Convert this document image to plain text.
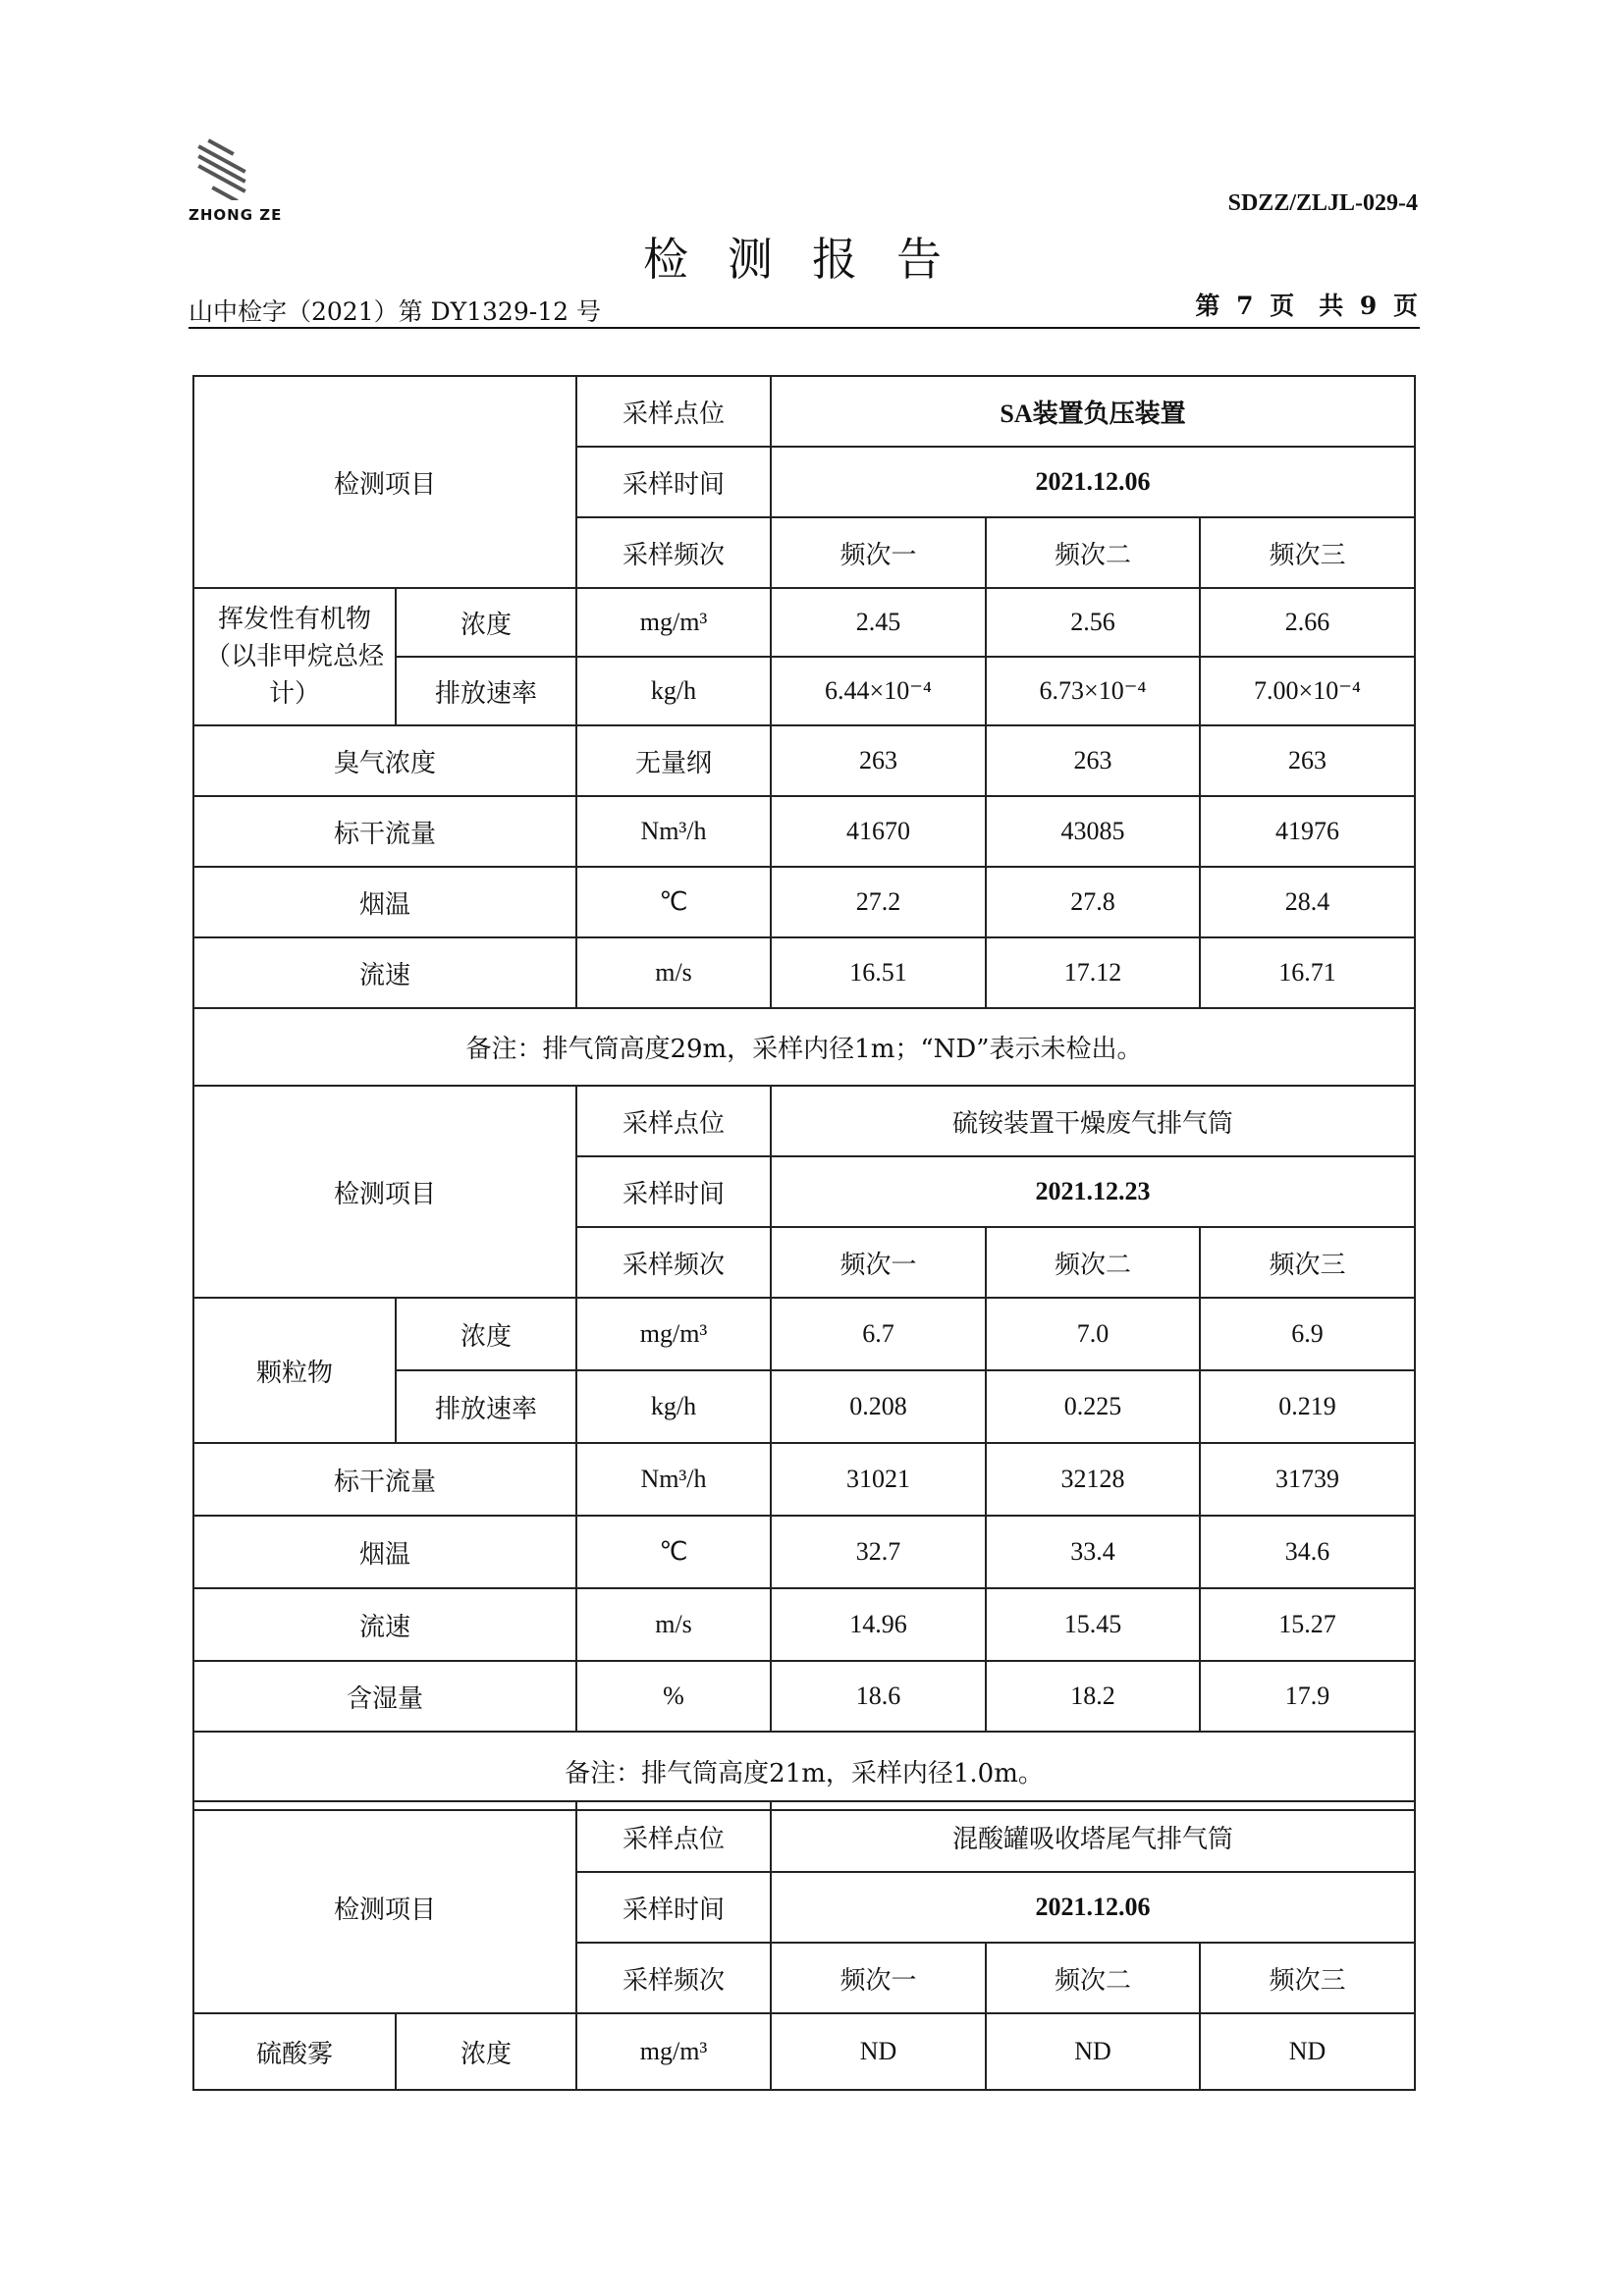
ZHONG ZE	SDZZ/ZLJL-029-4
检测报告
山中检字（2021）第 DY1329-12 号	第 7 页　共 9 页
检测项目		采样点位	SA装置负压装置		
		采样时间	2021.12.06		
		采样频次	频次一	频次二	频次三
挥发性有机物（以非甲烷总烃计）	浓度	mg/m³	2.45	2.56	2.66
	排放速率	kg/h	6.44×10⁻⁴	6.73×10⁻⁴	7.00×10⁻⁴
臭气浓度		无量纲	263	263	263
标干流量		Nm³/h	41670	43085	41976
烟温		℃	27.2	27.8	28.4
流速		m/s	16.51	17.12	16.71
备注：排气筒高度29m，采样内径1m；“ND”表示未检出。					
检测项目		采样点位	硫铵装置干燥废气排气筒		
		采样时间	2021.12.23		
		采样频次	频次一	频次二	频次三
颗粒物	浓度	mg/m³	6.7	7.0	6.9
	排放速率	kg/h	0.208	0.225	0.219
标干流量		Nm³/h	31021	32128	31739
烟温		℃	32.7	33.4	34.6
流速		m/s	14.96	15.45	15.27
含湿量		%	18.6	18.2	17.9
备注：排气筒高度21m，采样内径1.0m。					
检测项目		采样点位	混酸罐吸收塔尾气排气筒		
		采样时间	2021.12.06		
		采样频次	频次一	频次二	频次三
硫酸雾	浓度	mg/m³	ND	ND	ND
